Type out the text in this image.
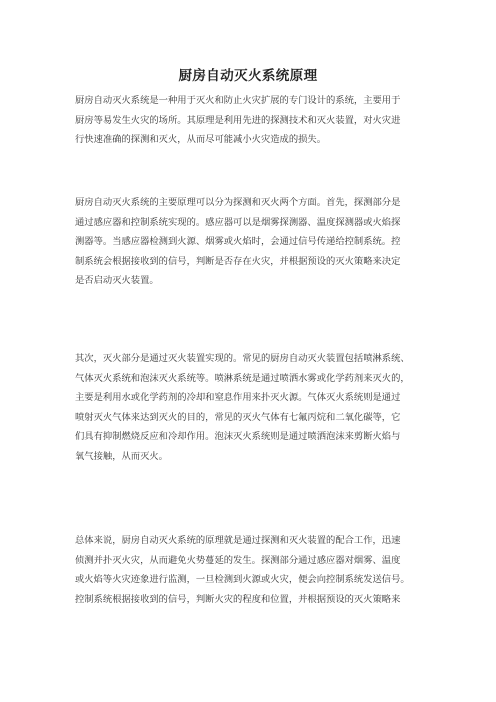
厨房自动灭火系统原理

厨房自动灭火系统是一种用于灭火和防止火灾扩展的专门设计的系统，主要用于
厨房等易发生火灾的场所。其原理是利用先进的探测技术和灭火装置，对火灾进
行快速准确的探测和灭火，从而尽可能减小火灾造成的损失。

厨房自动灭火系统的主要原理可以分为探测和灭火两个方面。首先，探测部分是
通过感应器和控制系统实现的。感应器可以是烟雾探测器、温度探测器或火焰探
测器等。当感应器检测到火源、烟雾或火焰时，会通过信号传递给控制系统。控
制系统会根据接收到的信号，判断是否存在火灾，并根据预设的灭火策略来决定
是否启动灭火装置。

其次，灭火部分是通过灭火装置实现的。常见的厨房自动灭火装置包括喷淋系统、
气体灭火系统和泡沫灭火系统等。喷淋系统是通过喷洒水雾或化学药剂来灭火的，
主要是利用水或化学药剂的冷却和窒息作用来扑灭火源。气体灭火系统则是通过
喷射灭火气体来达到灭火的目的，常见的灭火气体有七氟丙烷和二氧化碳等，它
们具有抑制燃烧反应和冷却作用。泡沫灭火系统则是通过喷洒泡沫来剪断火焰与
氧气接触，从而灭火。

总体来说，厨房自动灭火系统的原理就是通过探测和灭火装置的配合工作，迅速
侦测并扑灭火灾，从而避免火势蔓延的发生。探测部分通过感应器对烟雾、温度
或火焰等火灾迹象进行监测，一旦检测到火源或火灾，便会向控制系统发送信号。
控制系统根据接收到的信号，判断火灾的程度和位置，并根据预设的灭火策略来
